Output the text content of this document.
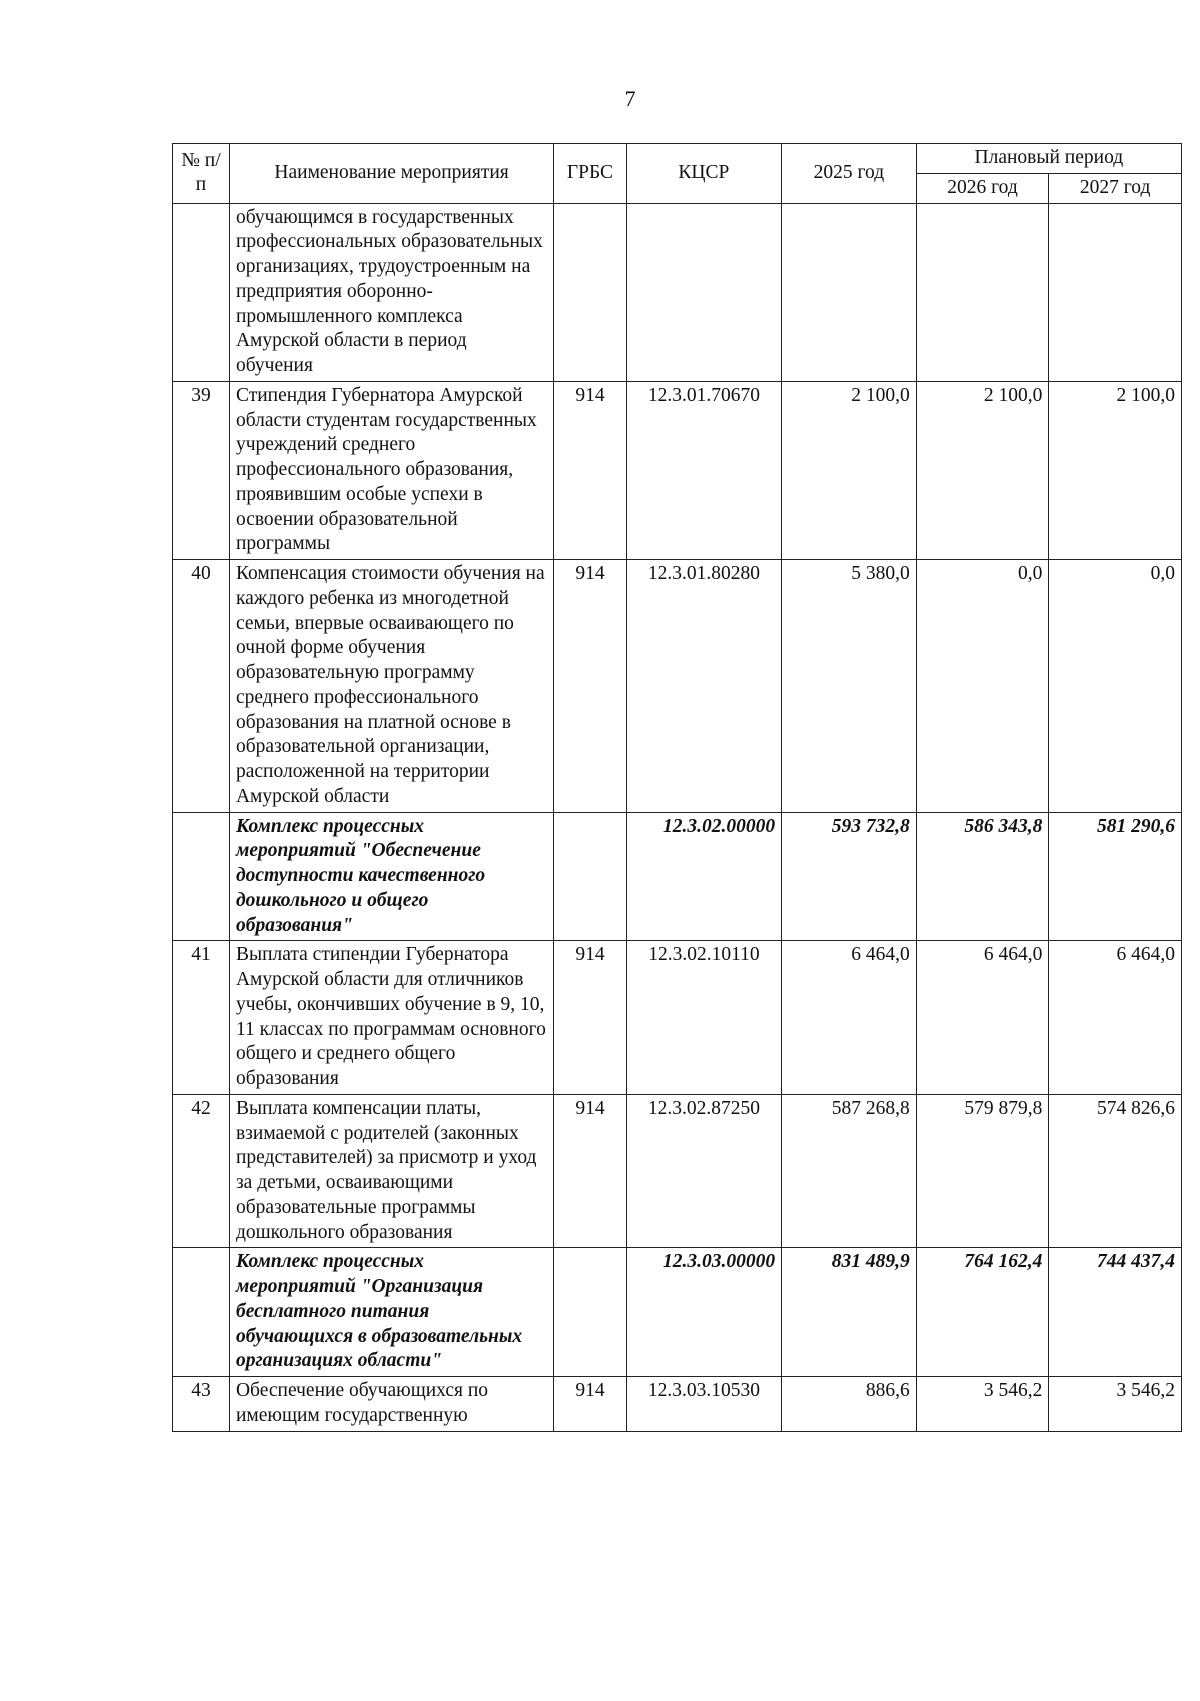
7
№ п/п	Наименование мероприятия	ГРБС	КЦСР	2025 год	Плановый период	
					2026 год	2027 год
	обучающимся в государственных профессиональных образовательных организациях, трудоустроенным на предприятия оборонно-промышленного комплекса Амурской области в период обучения					
39	Стипендия Губернатора Амурской области студентам государственных учреждений среднего профессионального образования, проявившим особые успехи в освоении образовательной программы	914	12.3.01.70670	2 100,0	2 100,0	2 100,0
40	Компенсация стоимости обучения на каждого ребенка из многодетной семьи, впервые осваивающего по очной форме обучения образовательную программу среднего профессионального образования на платной основе в образовательной организации, расположенной на территории Амурской области	914	12.3.01.80280	5 380,0	0,0	0,0
	Комплекс процессных мероприятий "Обеспечение доступности качественного дошкольного и общего образования"		12.3.02.00000	593 732,8	586 343,8	581 290,6
41	Выплата стипендии Губернатора Амурской области для отличников учебы, окончивших обучение в 9, 10, 11 классах по программам основного общего и среднего общего образования	914	12.3.02.10110	6 464,0	6 464,0	6 464,0
42	Выплата компенсации платы, взимаемой с родителей (законных представителей) за присмотр и уход за детьми, осваивающими образовательные программы дошкольного образования	914	12.3.02.87250	587 268,8	579 879,8	574 826,6
	Комплекс процессных мероприятий "Организация бесплатного питания обучающихся в образовательных организациях области"		12.3.03.00000	831 489,9	764 162,4	744 437,4
43	Обеспечение обучающихся по имеющим государственную	914	12.3.03.10530	886,6	3 546,2	3 546,2
